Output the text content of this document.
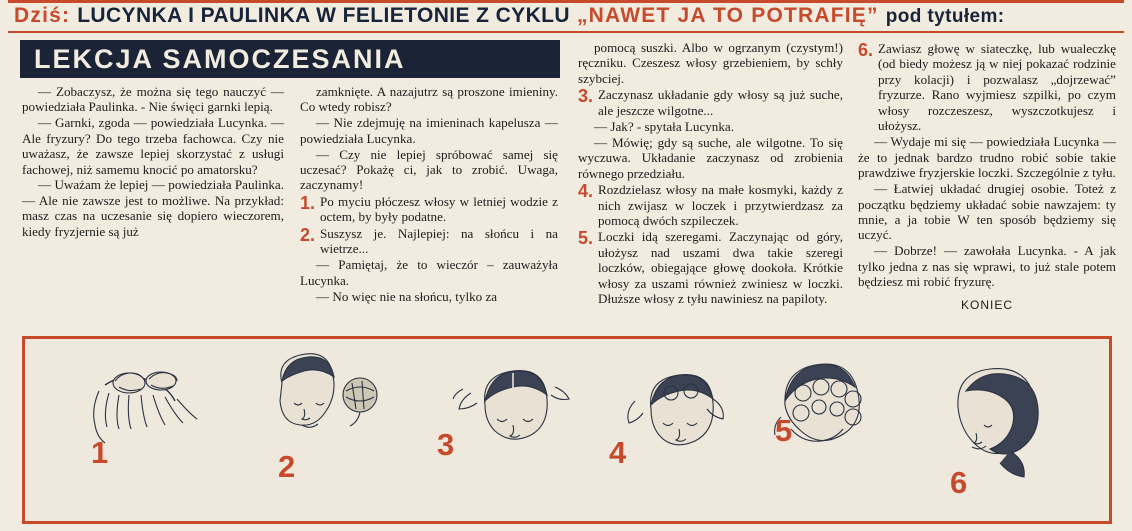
Dziś: LUCYNKA I PAULINKA W FELIETONIE Z CYKLU „NAWET JA TO POTRAFIĘ” pod tytułem:
LEKCJA SAMOCZESANIA

— Zobaczysz, że można się tego nauczyć — powiedziała Paulinka. - Nie święci garnki lepią.

— Garnki, zgoda — powiedziała Lucynka. — Ale fryzury? Do tego trzeba fachowca. Czy nie uważasz, że zawsze lepiej skorzystać z usługi fachowej, niż samemu knocić po amatorsku?

— Uważam że lepiej — powiedziała Paulinka. — Ale nie zawsze jest to możliwe. Na przykład: masz czas na uczesanie się dopiero wieczorem, kiedy fryzjernie są już

zamknięte. A nazajutrz są proszone imieniny. Co wtedy robisz?

— Nie zdejmuję na imieninach kapelusza — powiedziała Lucynka.

— Czy nie lepiej spróbować samej się uczesać? Pokażę ci, jak to zrobić. Uwaga, zaczynamy!

1. Po myciu płóczesz włosy w letniej wodzie z octem, by były podatne.
2. Suszysz je. Najlepiej: na słońcu i na wietrze...

— Pamiętaj, że to wieczór – zauważyła Lucynka.

— No więc nie na słońcu, tylko za

pomocą suszki. Albo w ogrzanym (czystym!) ręczniku. Czeszesz włosy grzebieniem, by schły szybciej.

3. Zaczynasz układanie gdy włosy są już suche, ale jeszcze wilgotne...

— Jak? - spytała Lucynka.

— Mówię; gdy są suche, ale wilgotne. To się wyczuwa. Układanie zaczynasz od zrobienia równego przedziału.

4. Rozdzielasz włosy na małe kosmyki, każdy z nich zwijasz w loczek i przytwierdzasz za pomocą dwóch szpileczek.
5. Loczki idą szeregami. Zaczynając od góry, ułożysz nad uszami dwa takie szeregi loczków, obiegające głowę dookoła. Krótkie włosy za uszami również zwiniesz w loczki. Dłuższe włosy z tyłu nawiniesz na papiloty.
6. Zawiasz głowę w siateczkę, lub wualeczkę (od biedy możesz ją w niej pokazać rodzinie przy kolacji) i pozwalasz „dojrzewać” fryzurze. Rano wyjmiesz szpilki, po czym włosy rozczeszesz, wyszczotkujesz i ułożysz.

— Wydaje mi się — powiedziała Lucynka — że to jednak bardzo trudno robić sobie takie prawdziwe fryzjerskie loczki. Szczególnie z tyłu.

— Łatwiej układać drugiej osobie. Toteż z początku będziemy układać sobie nawzajem: ty mnie, a ja tobie W ten sposób będziemy się uczyć.

— Dobrze! — zawołała Lucynka. - A jak tylko jedna z nas się wprawi, to już stale potem będziesz mi robić fryzurę.

KONIEC
1	2
3	4
5
6
